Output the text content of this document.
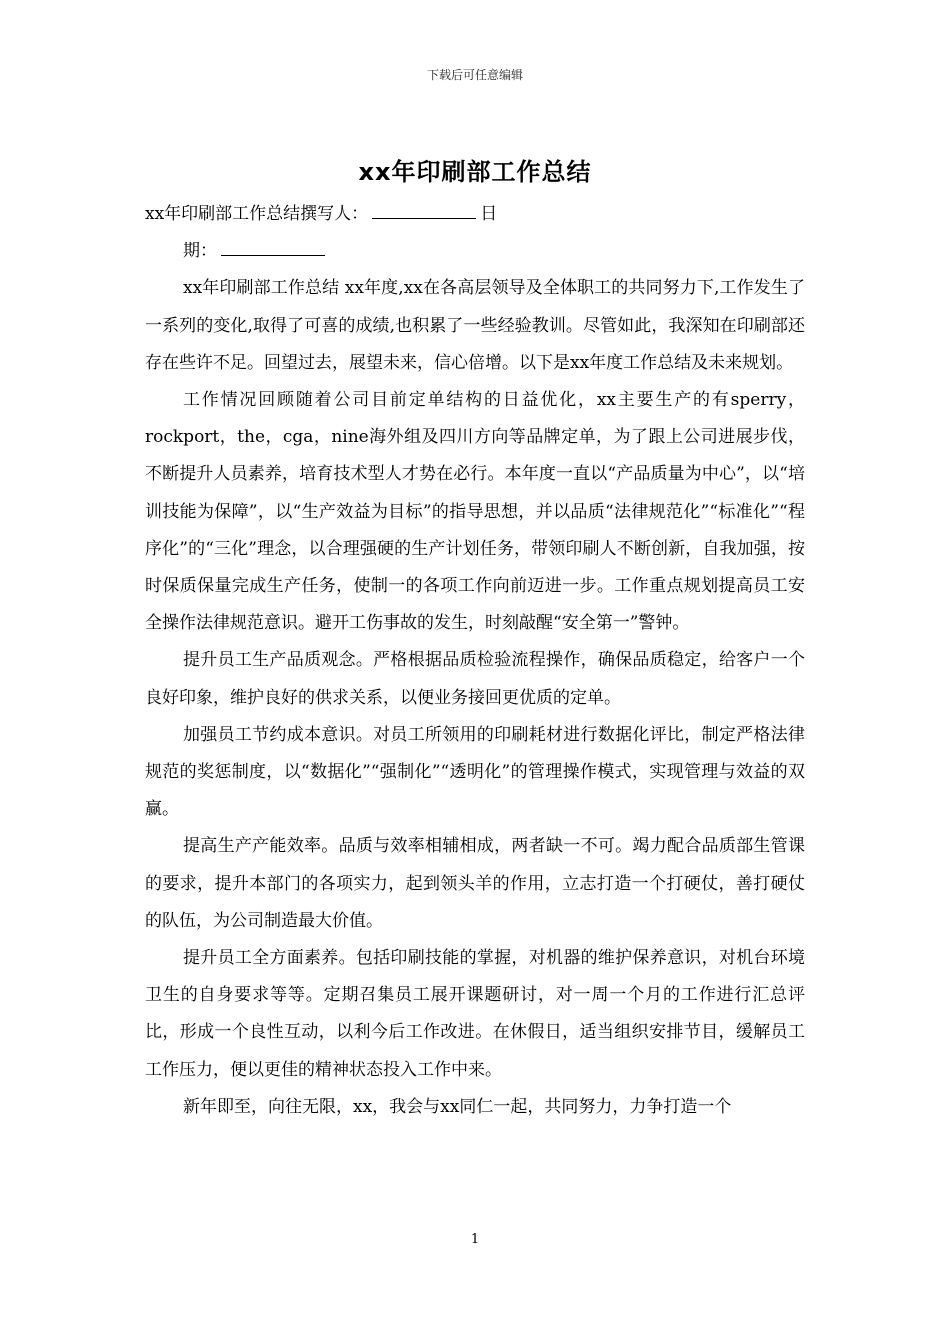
下载后可任意编辑
xx年印刷部工作总结

xx年印刷部工作总结撰写人：	日

期：

xx年印刷部工作总结 xx年度,xx在各高层领导及全体职工的共同努力下,工作发生了一系列的变化,取得了可喜的成绩,也积累了一些经验教训。尽管如此，我深知在印刷部还存在些许不足。回望过去，展望未来，信心倍增。以下是xx年度工作总结及未来规划。

工作情况回顾随着公司目前定单结构的日益优化，xx主要生产的有sperry，rockport，the，cga，nine海外组及四川方向等品牌定单，为了跟上公司进展步伐，不断提升人员素养，培育技术型人才势在必行。本年度一直以“产品质量为中心”，以“培训技能为保障”，以“生产效益为目标”的指导思想，并以品质“法律规范化”“标准化”“程序化”的“三化”理念，以合理强硬的生产计划任务，带领印刷人不断创新，自我加强，按时保质保量完成生产任务，使制一的各项工作向前迈进一步。工作重点规划提高员工安全操作法律规范意识。避开工伤事故的发生，时刻敲醒“安全第一”警钟。

提升员工生产品质观念。严格根据品质检验流程操作，确保品质稳定，给客户一个良好印象，维护良好的供求关系，以便业务接回更优质的定单。

加强员工节约成本意识。对员工所领用的印刷耗材进行数据化评比，制定严格法律规范的奖惩制度，以“数据化”“强制化”“透明化”的管理操作模式，实现管理与效益的双赢。

提高生产产能效率。品质与效率相辅相成，两者缺一不可。竭力配合品质部生管课的要求，提升本部门的各项实力，起到领头羊的作用，立志打造一个打硬仗，善打硬仗的队伍，为公司制造最大价值。

提升员工全方面素养。包括印刷技能的掌握，对机器的维护保养意识，对机台环境卫生的自身要求等等。定期召集员工展开课题研讨，对一周一个月的工作进行汇总评比，形成一个良性互动，以利今后工作改进。在休假日，适当组织安排节目，缓解员工工作压力，便以更佳的精神状态投入工作中来。

新年即至，向往无限，xx，我会与xx同仁一起，共同努力，力争打造一个

1
